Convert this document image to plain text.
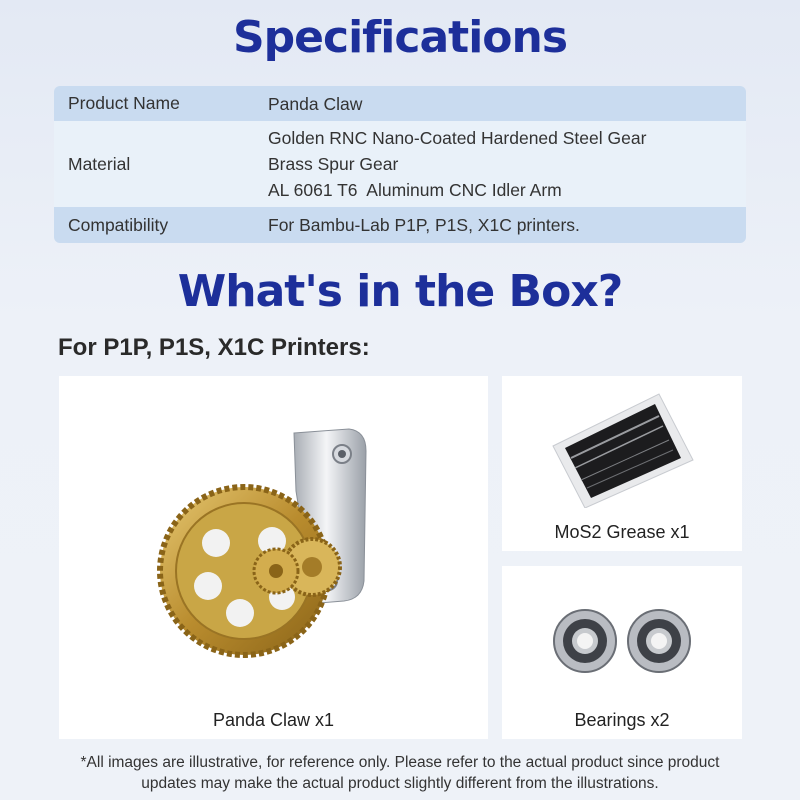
Specifications
Product Name	Panda Claw
Material
Golden RNC Nano-Coated Hardened Steel Gear
Brass Spur Gear
AL 6061 T6  Aluminum CNC Idler Arm
Compatibility	For Bambu-Lab P1P, P1S, X1C printers.
What's in the Box?
For P1P, P1S, X1C Printers:
Panda Claw x1
MoS2 Grease x1
Bearings x2
*All images are illustrative, for reference only. Please refer to the actual product since product
updates may make the actual product slightly different from the illustrations.
